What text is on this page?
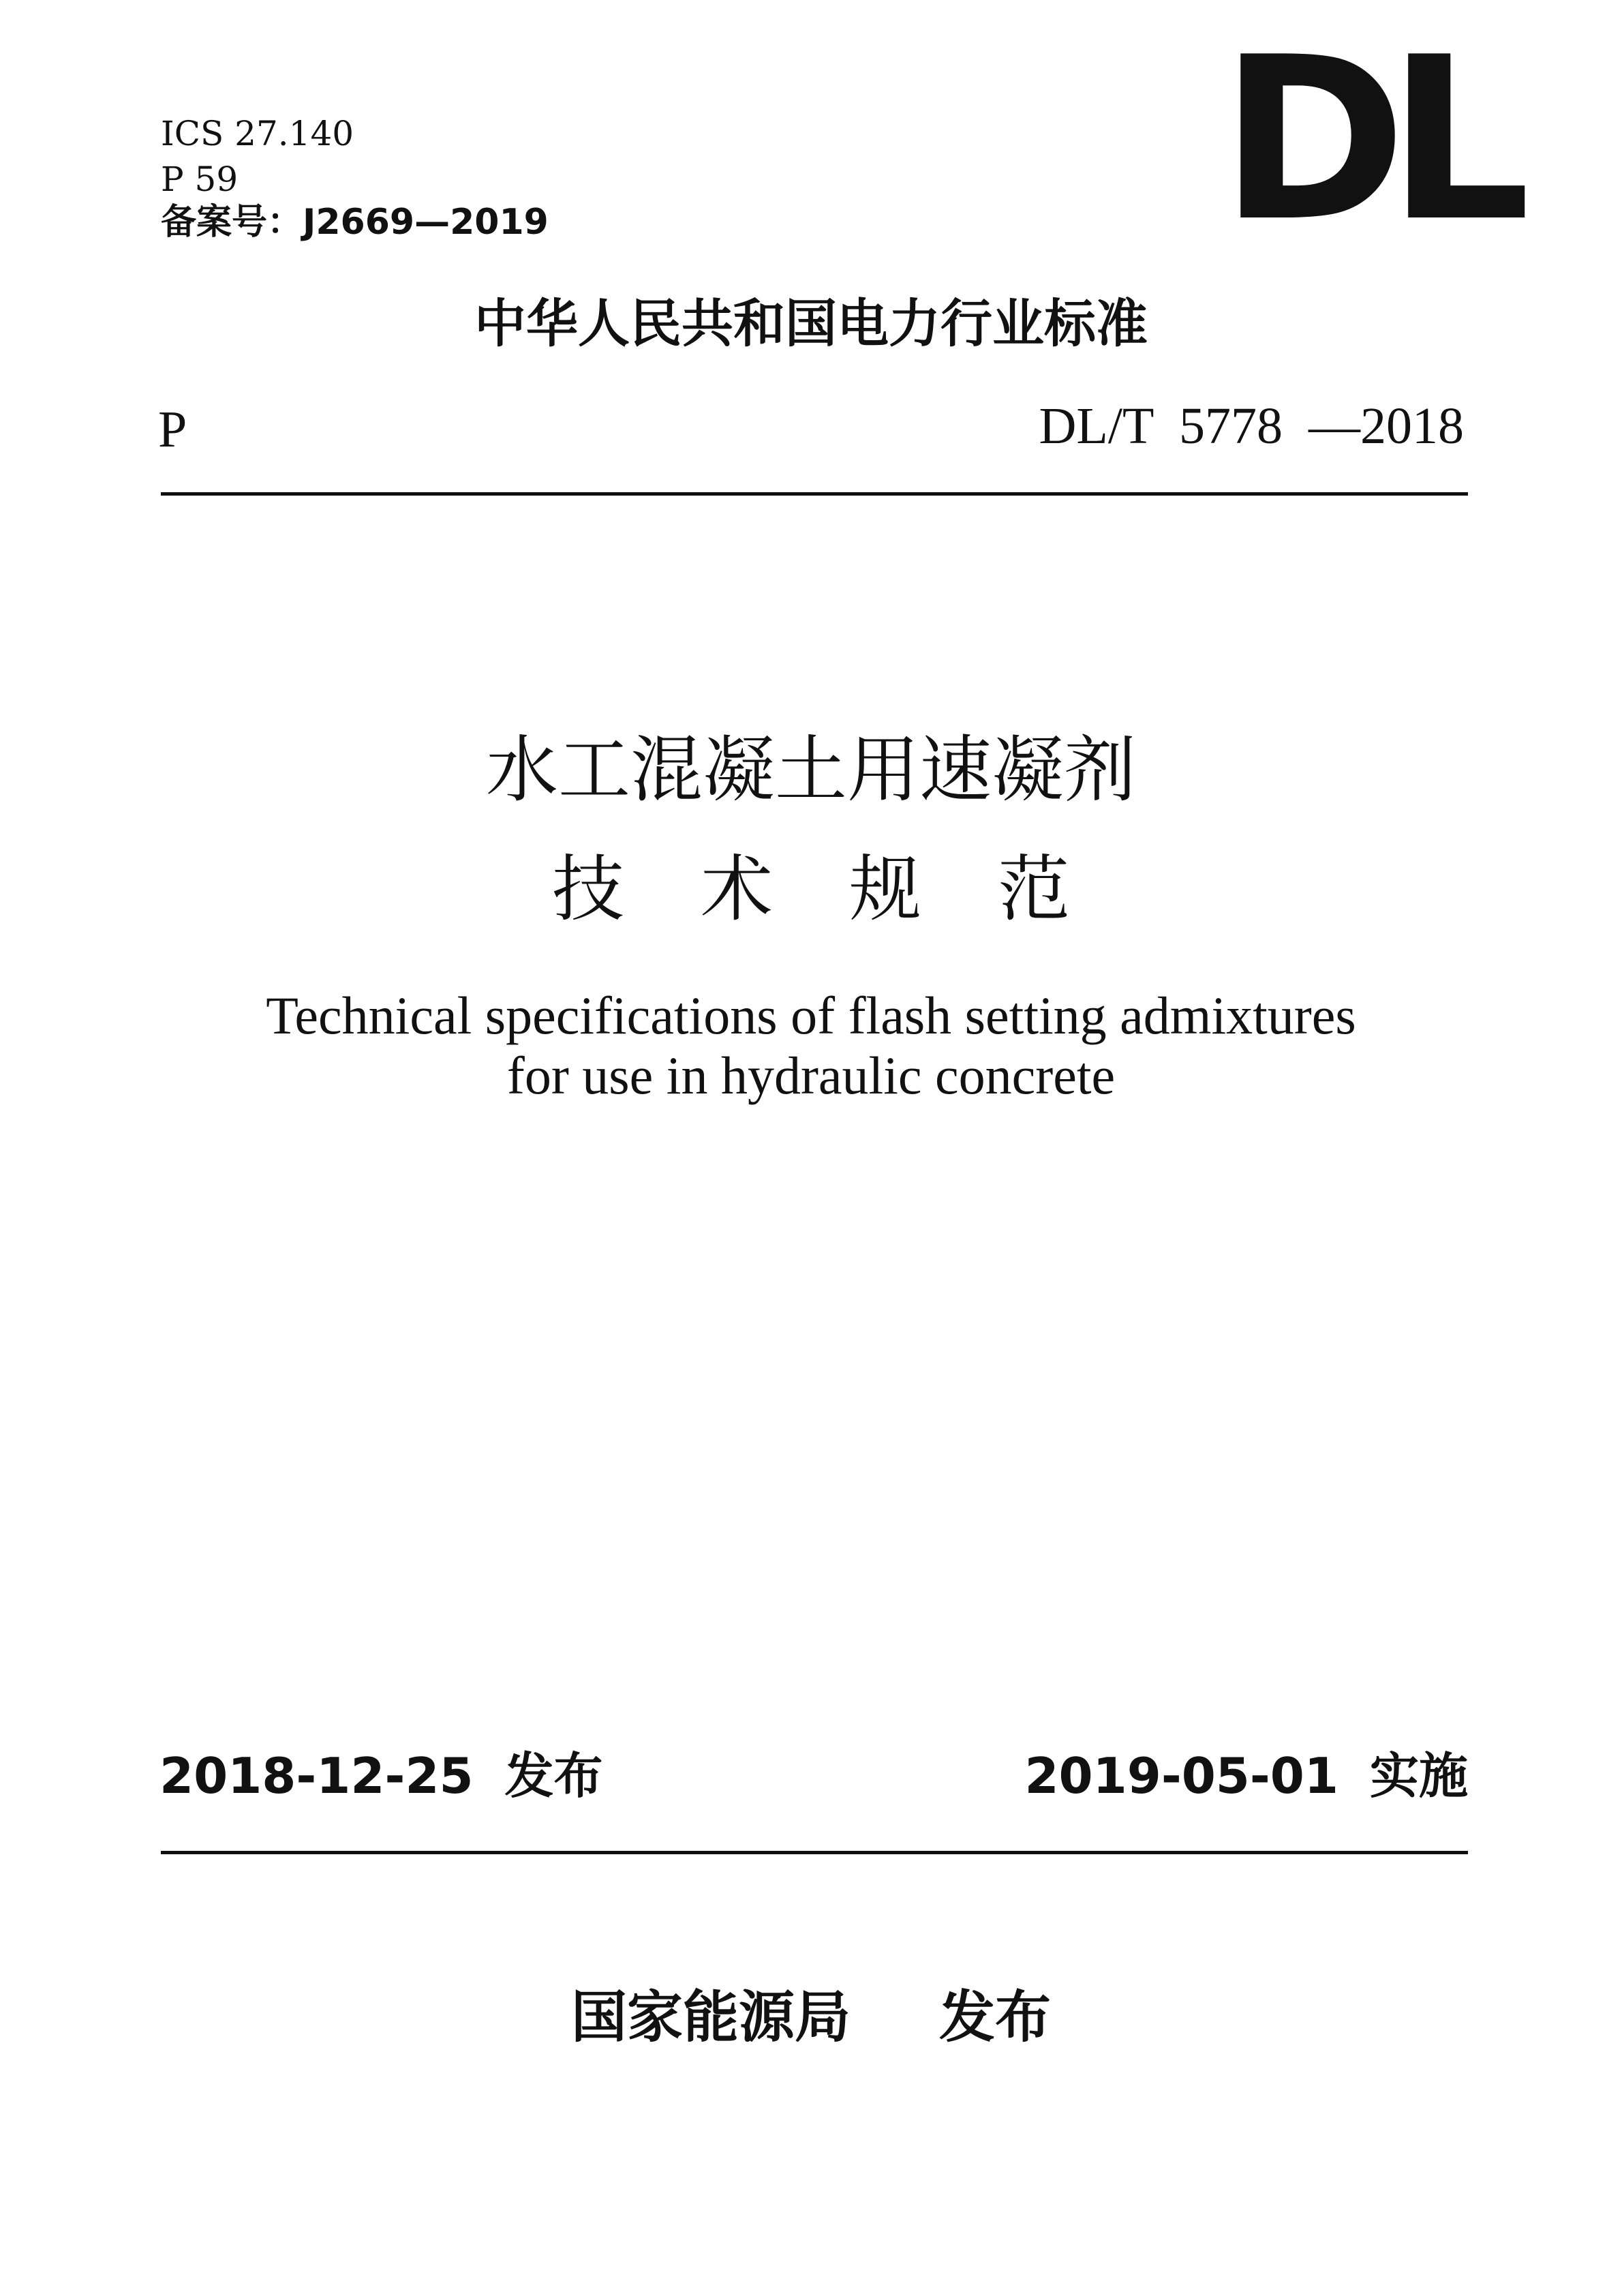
ICS 27.140
P 59
备案号：J2669—2019	DL
中华人民共和国电力行业标准
P	DL/T  5778  —2018
水工混凝土用速凝剂
技术规范
Technical specifications of flash setting admixtures
for use in hydraulic concrete
2018-12-25 发布	2019-05-01 实施
国家能源局 发布
